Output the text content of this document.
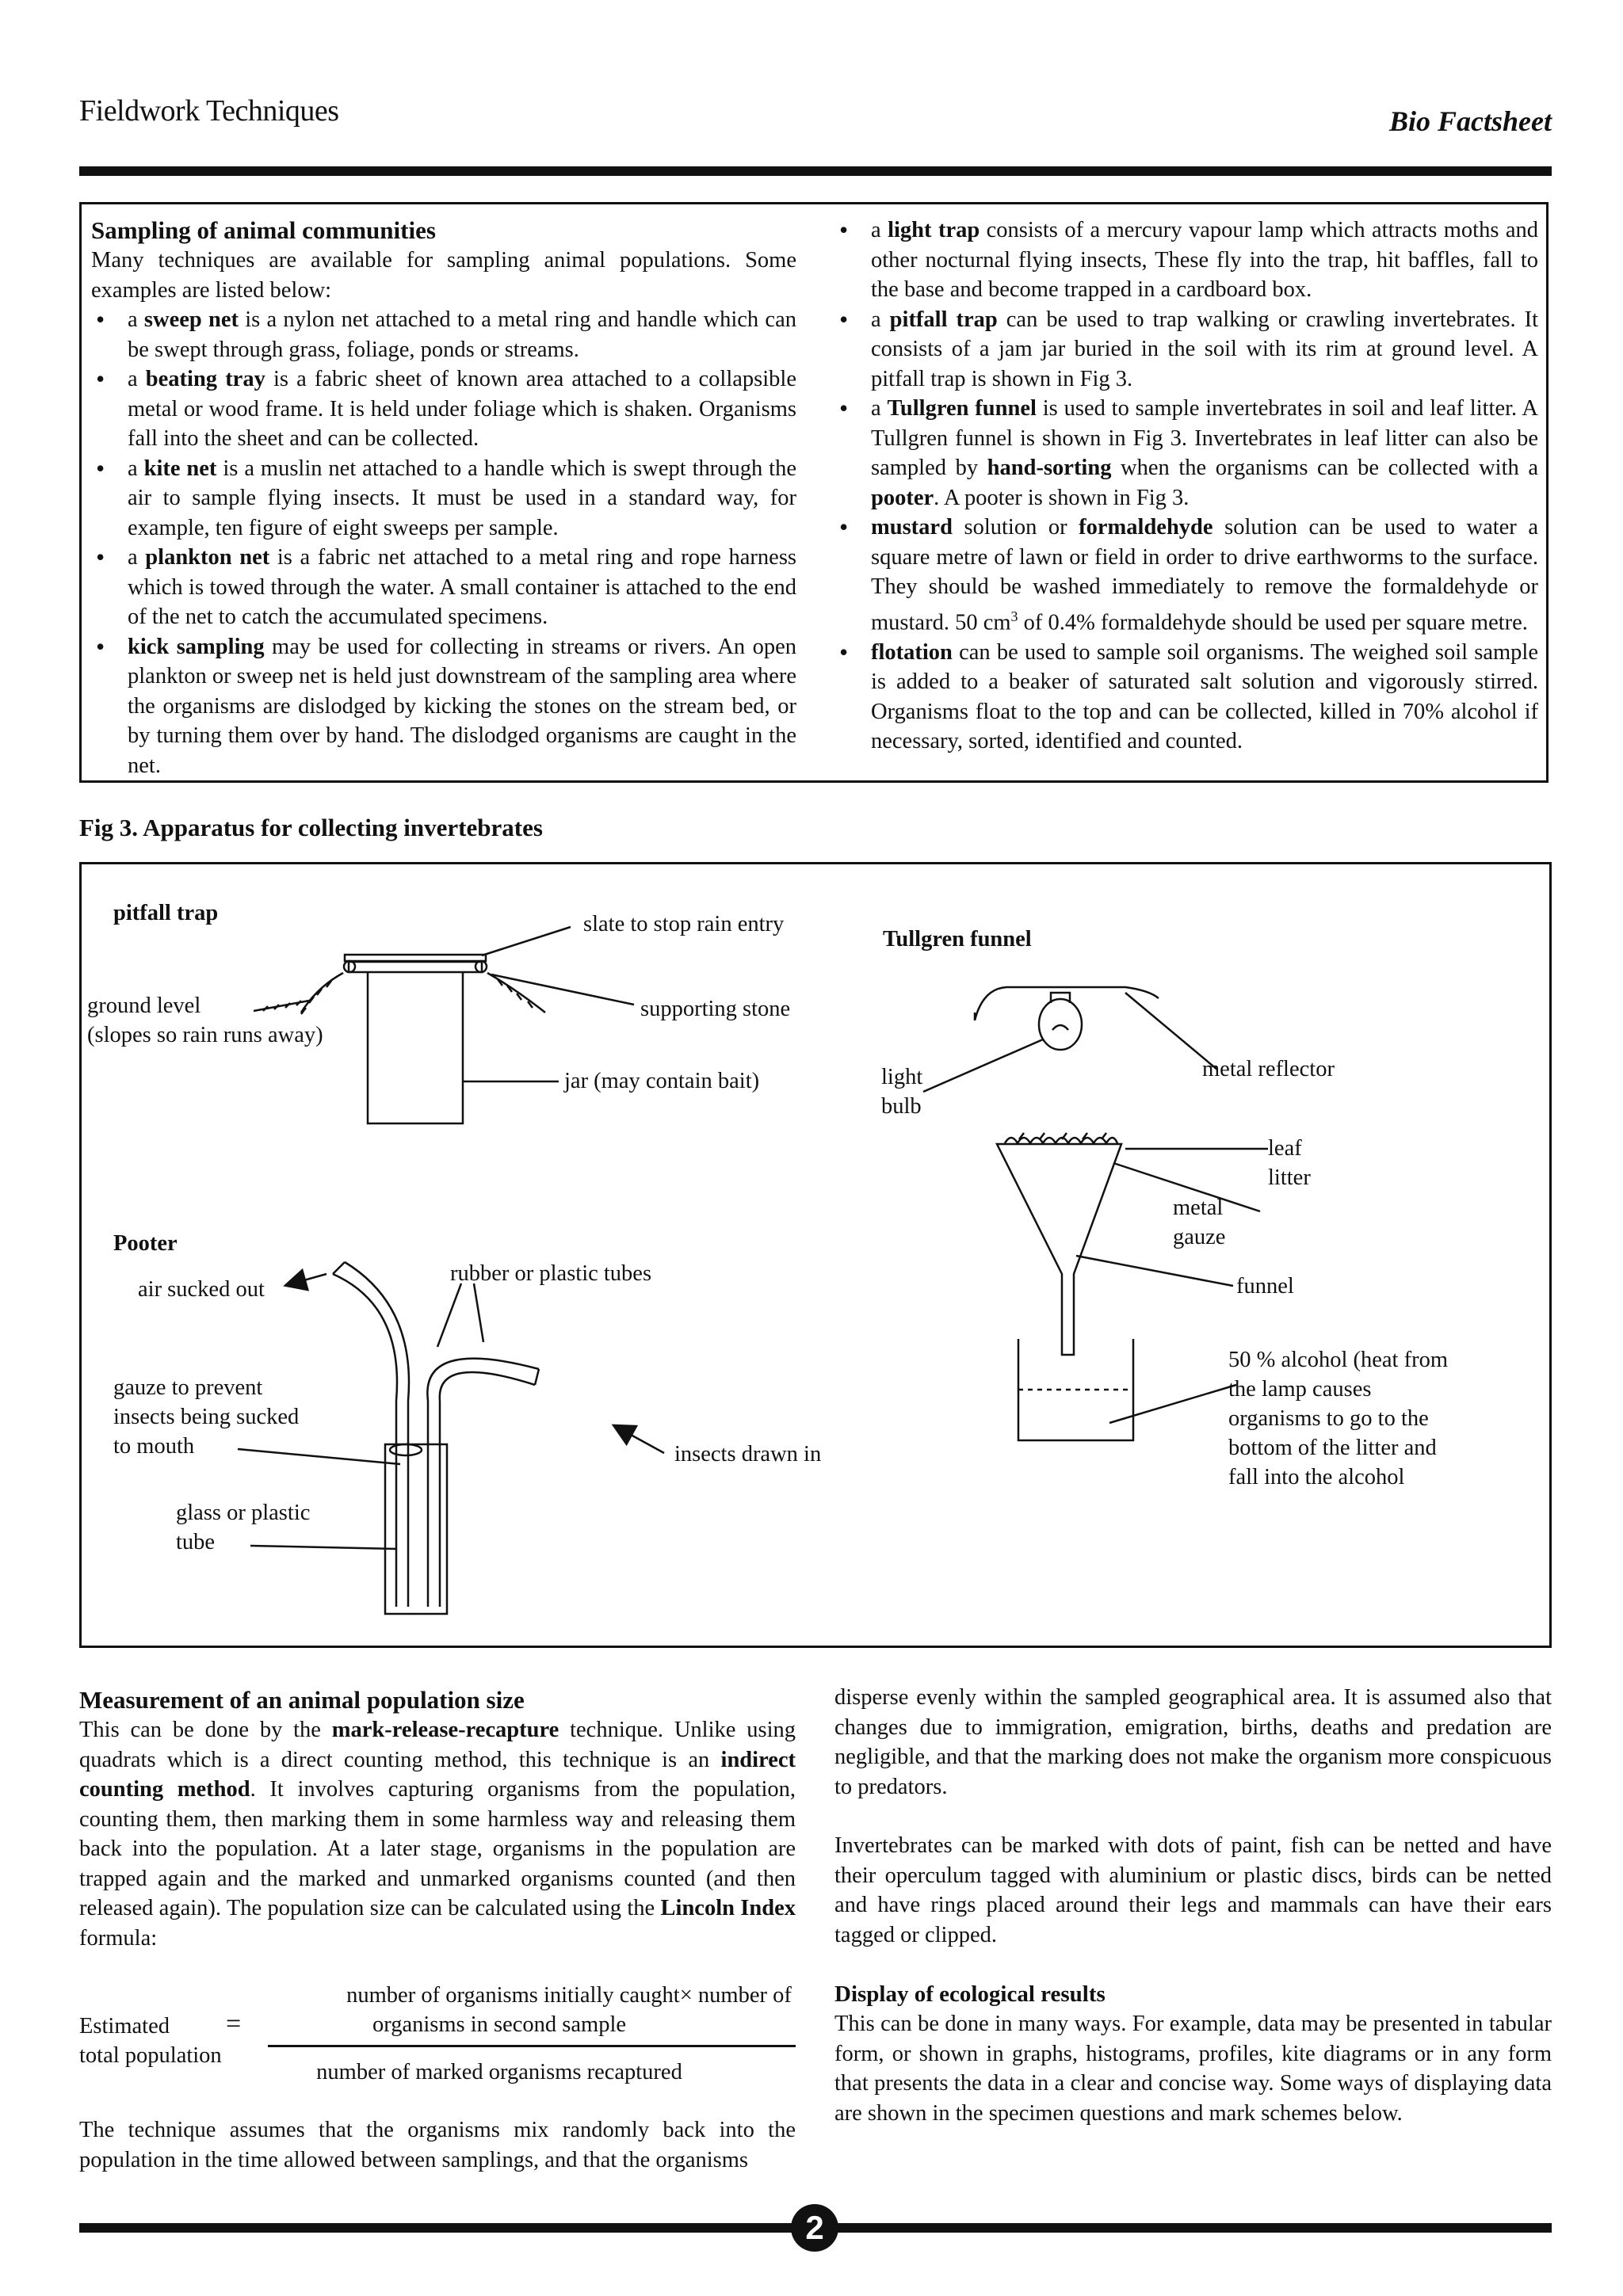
Fieldwork Techniques	Bio Factsheet
Sampling of animal communities
Many techniques are available for sampling animal populations. Some examples are listed below:
• a sweep net is a nylon net attached to a metal ring and handle which can be swept through grass, foliage, ponds or streams.
• a beating tray is a fabric sheet of known area attached to a collapsible metal or wood frame. It is held under foliage which is shaken. Organisms fall into the sheet and can be collected.
• a kite net is a muslin net attached to a handle which is swept through the air to sample flying insects. It must be used in a standard way, for example, ten figure of eight sweeps per sample.
• a plankton net is a fabric net attached to a metal ring and rope harness which is towed through the water. A small container is attached to the end of the net to catch the accumulated specimens.
• kick sampling may be used for collecting in streams or rivers. An open plankton or sweep net is held just downstream of the sampling area where the organisms are dislodged by kicking the stones on the stream bed, or by turning them over by hand. The dislodged organisms are caught in the net.
• a light trap consists of a mercury vapour lamp which attracts moths and other nocturnal flying insects, These fly into the trap, hit baffles, fall to the base and become trapped in a cardboard box.
• a pitfall trap can be used to trap walking or crawling invertebrates. It consists of a jam jar buried in the soil with its rim at ground level. A pitfall trap is shown in Fig 3.
• a Tullgren funnel is used to sample invertebrates in soil and leaf litter. A Tullgren funnel is shown in Fig 3. Invertebrates in leaf litter can also be sampled by hand-sorting when the organisms can be collected with a pooter. A pooter is shown in Fig 3.
• mustard solution or formaldehyde solution can be used to water a square metre of lawn or field in order to drive earthworms to the surface. They should be washed immediately to remove the formaldehyde or mustard. 50 $cm^3$ of 0.4% formaldehyde should be used per square metre.
• flotation can be used to sample soil organisms. The weighed soil sample is added to a beaker of saturated salt solution and vigorously stirred. Organisms float to the top and can be collected, killed in 70% alcohol if necessary, sorted, identified and counted.
Fig 3. Apparatus for collecting invertebrates
pitfall trap	slate to stop rain entry
supporting stone
ground level
(slopes so rain runs away)
jar (may contain bait)
Pooter
air sucked out
rubber or plastic tubes
gauze to prevent
insects being sucked
to mouth	insects drawn in
glass or plastic
tube
Tullgren funnel
light
bulb
metal reflector
leaf
litter
metal
gauze
funnel
50 % alcohol (heat from
the lamp causes
organisms to go to the
bottom of the litter and
fall into the alcohol
Measurement of an animal population size
This can be done by the mark-release-recapture technique. Unlike using quadrats which is a direct counting method, this technique is an indirect counting method. It involves capturing organisms from the population, counting them, then marking them in some harmless way and releasing them back into the population. At a later stage, organisms in the population are trapped again and the marked and unmarked organisms counted (and then released again). The population size can be calculated using the Lincoln Index formula:
Estimated
total population
=
number of organisms initially caught× number of
organisms in second sample
number of marked organisms recaptured
The technique assumes that the organisms mix randomly back into the population in the time allowed between samplings, and that the organisms
disperse evenly within the sampled geographical area. It is assumed also that changes due to immigration, emigration, births, deaths and predation are negligible, and that the marking does not make the organism more conspicuous to predators.
Invertebrates can be marked with dots of paint, fish can be netted and have their operculum tagged with aluminium or plastic discs, birds can be netted and have rings placed around their legs and mammals can have their ears tagged or clipped.
Display of ecological results
This can be done in many ways. For example, data may be presented in tabular form, or shown in graphs, histograms, profiles, kite diagrams or in any form that presents the data in a clear and concise way. Some ways of displaying data are shown in the specimen questions and mark schemes below.
2
